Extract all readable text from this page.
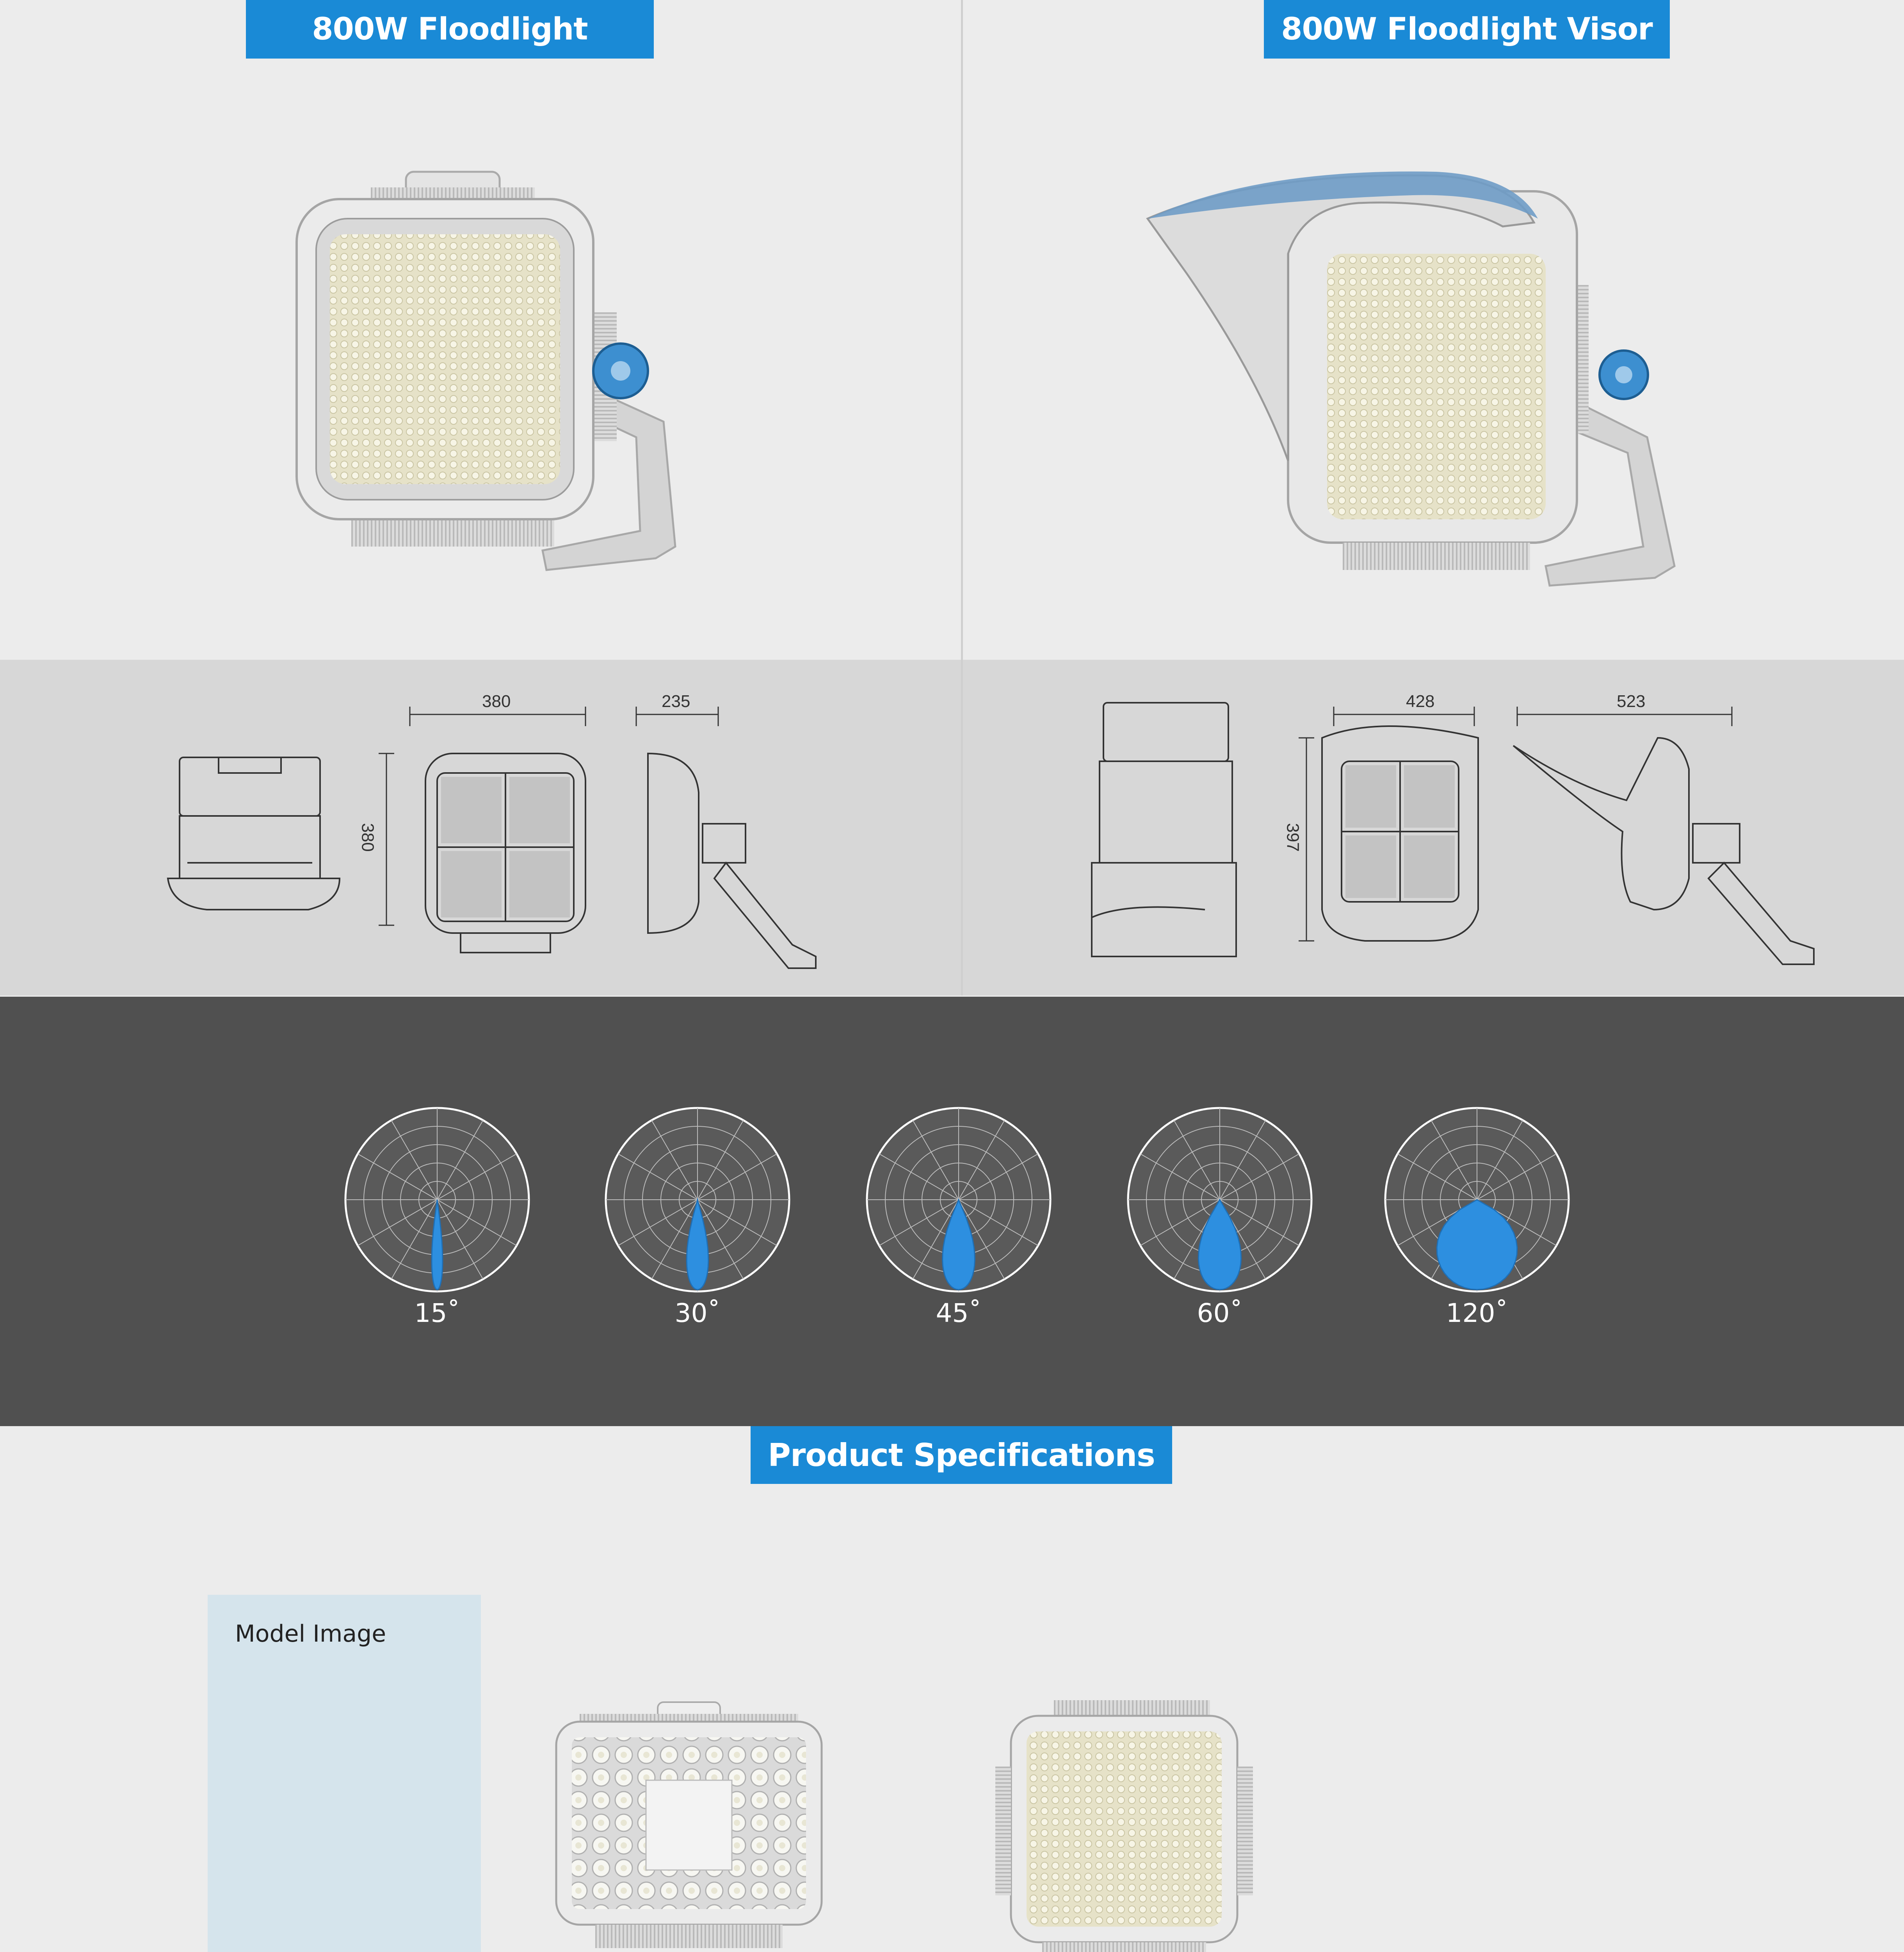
800W Floodlight	800W Floodlight Visor
380	235
380
428	523
397
15˚	30˚	45˚	60˚	120˚
Product Specifications
Model Image
